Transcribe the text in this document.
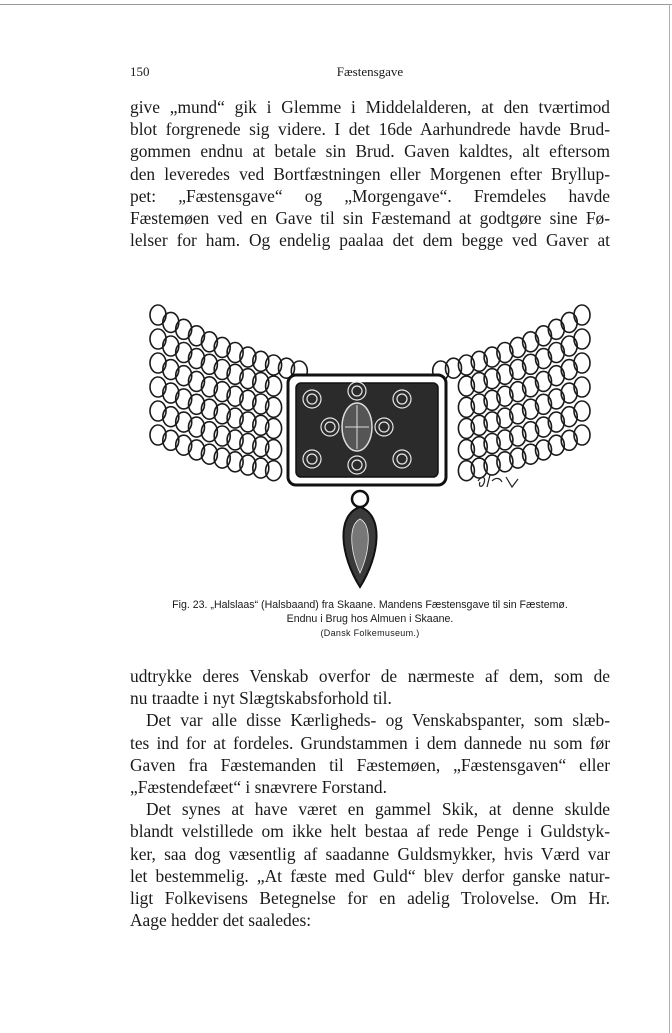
150	Fæstensgave
give „mund“ gik i Glemme i Middelalderen, at den tværtimod
blot forgrenede sig videre. I det 16de Aarhundrede havde Brud-
gommen endnu at betale sin Brud. Gaven kaldtes, alt eftersom
den leveredes ved Bortfæstningen eller Morgenen efter Bryllup-
pet: „Fæstensgave“ og „Morgengave“. Fremdeles havde
Fæstemøen ved en Gave til sin Fæstemand at godtgøre sine Fø-
lelser for ham. Og endelig paalaa det dem begge ved Gaver at
Fig. 23. „Halslaas“ (Halsbaand) fra Skaane. Mandens Fæstensgave til sin Fæstemø.
Endnu i Brug hos Almuen i Skaane.
(Dansk Folkemuseum.)
udtrykke deres Venskab overfor de nærmeste af dem, som de
nu traadte i nyt Slægtskabsforhold til.
Det var alle disse Kærligheds- og Venskabspanter, som slæb-
tes ind for at fordeles. Grundstammen i dem dannede nu som før
Gaven fra Fæstemanden til Fæstemøen, „Fæstensgaven“ eller
„Fæstendefæet“ i snævrere Forstand.
Det synes at have været en gammel Skik, at denne skulde
blandt velstillede om ikke helt bestaa af rede Penge i Guldstyk-
ker, saa dog væsentlig af saadanne Guldsmykker, hvis Værd var
let bestemmelig. „At fæste med Guld“ blev derfor ganske natur-
ligt Folkevisens Betegnelse for en adelig Trolovelse. Om Hr.
Aage hedder det saaledes:
